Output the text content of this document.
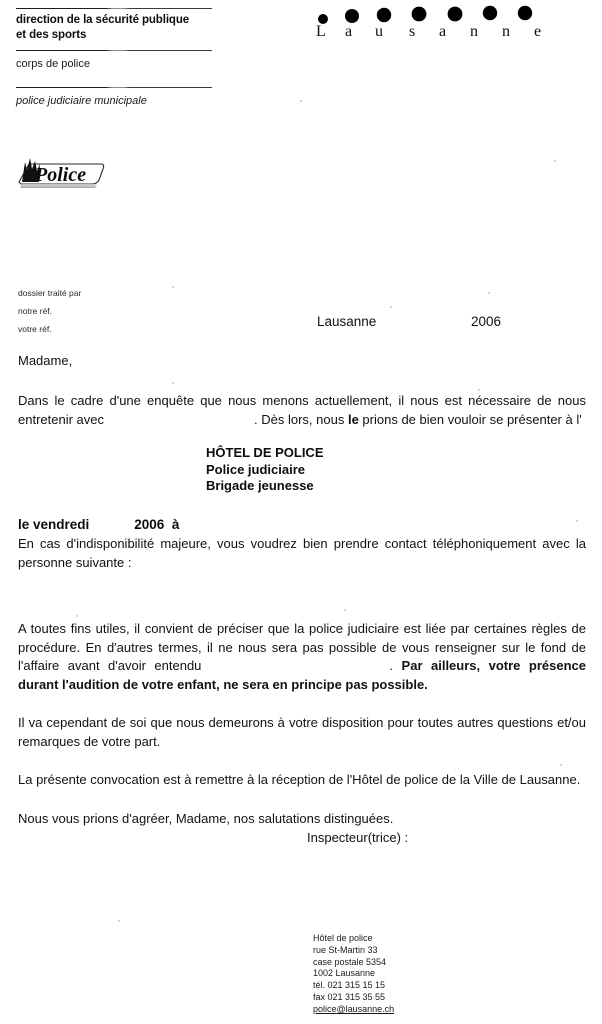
direction de la sécurité publique
et des sports
corps de police
police judiciaire municipale
L a u s a n n e
Police
dossier traité par
notre réf.
votre réf.	Lausanne	2006
Madame,

Dans le cadre d'une enquête que nous menons actuellement, il nous est nécessaire de nous entretenir avec	. Dès lors, nous le prions de bien vouloir se présenter à l'

En cas d'indisponibilité majeure, vous voudrez bien prendre contact téléphoniquement avec la personne suivante :

A toutes fins utiles, il convient de préciser que la police judiciaire est liée par certaines règles de procédure. En d'autres termes, il ne nous sera pas possible de vous renseigner sur le fond de l'affaire avant d'avoir entendu	. Par ailleurs, votre présence durant l'audition de votre enfant, ne sera en principe pas possible.

Il va cependant de soi que nous demeurons à votre disposition pour toutes autres questions et/ou remarques de votre part.

La présente convocation est à remettre à la réception de l'Hôtel de police de la Ville de Lausanne.

Nous vous prions d'agréer, Madame, nos salutations distinguées.

HÔTEL DE POLICE
Police judiciaire
Brigade jeunesse
le vendredi            2006  à
Inspecteur(trice) :
Hôtel de police
rue St-Martin 33
case postale 5354
1002 Lausanne
tél. 021 315 15 15
fax 021 315 35 55
police@lausanne.ch
